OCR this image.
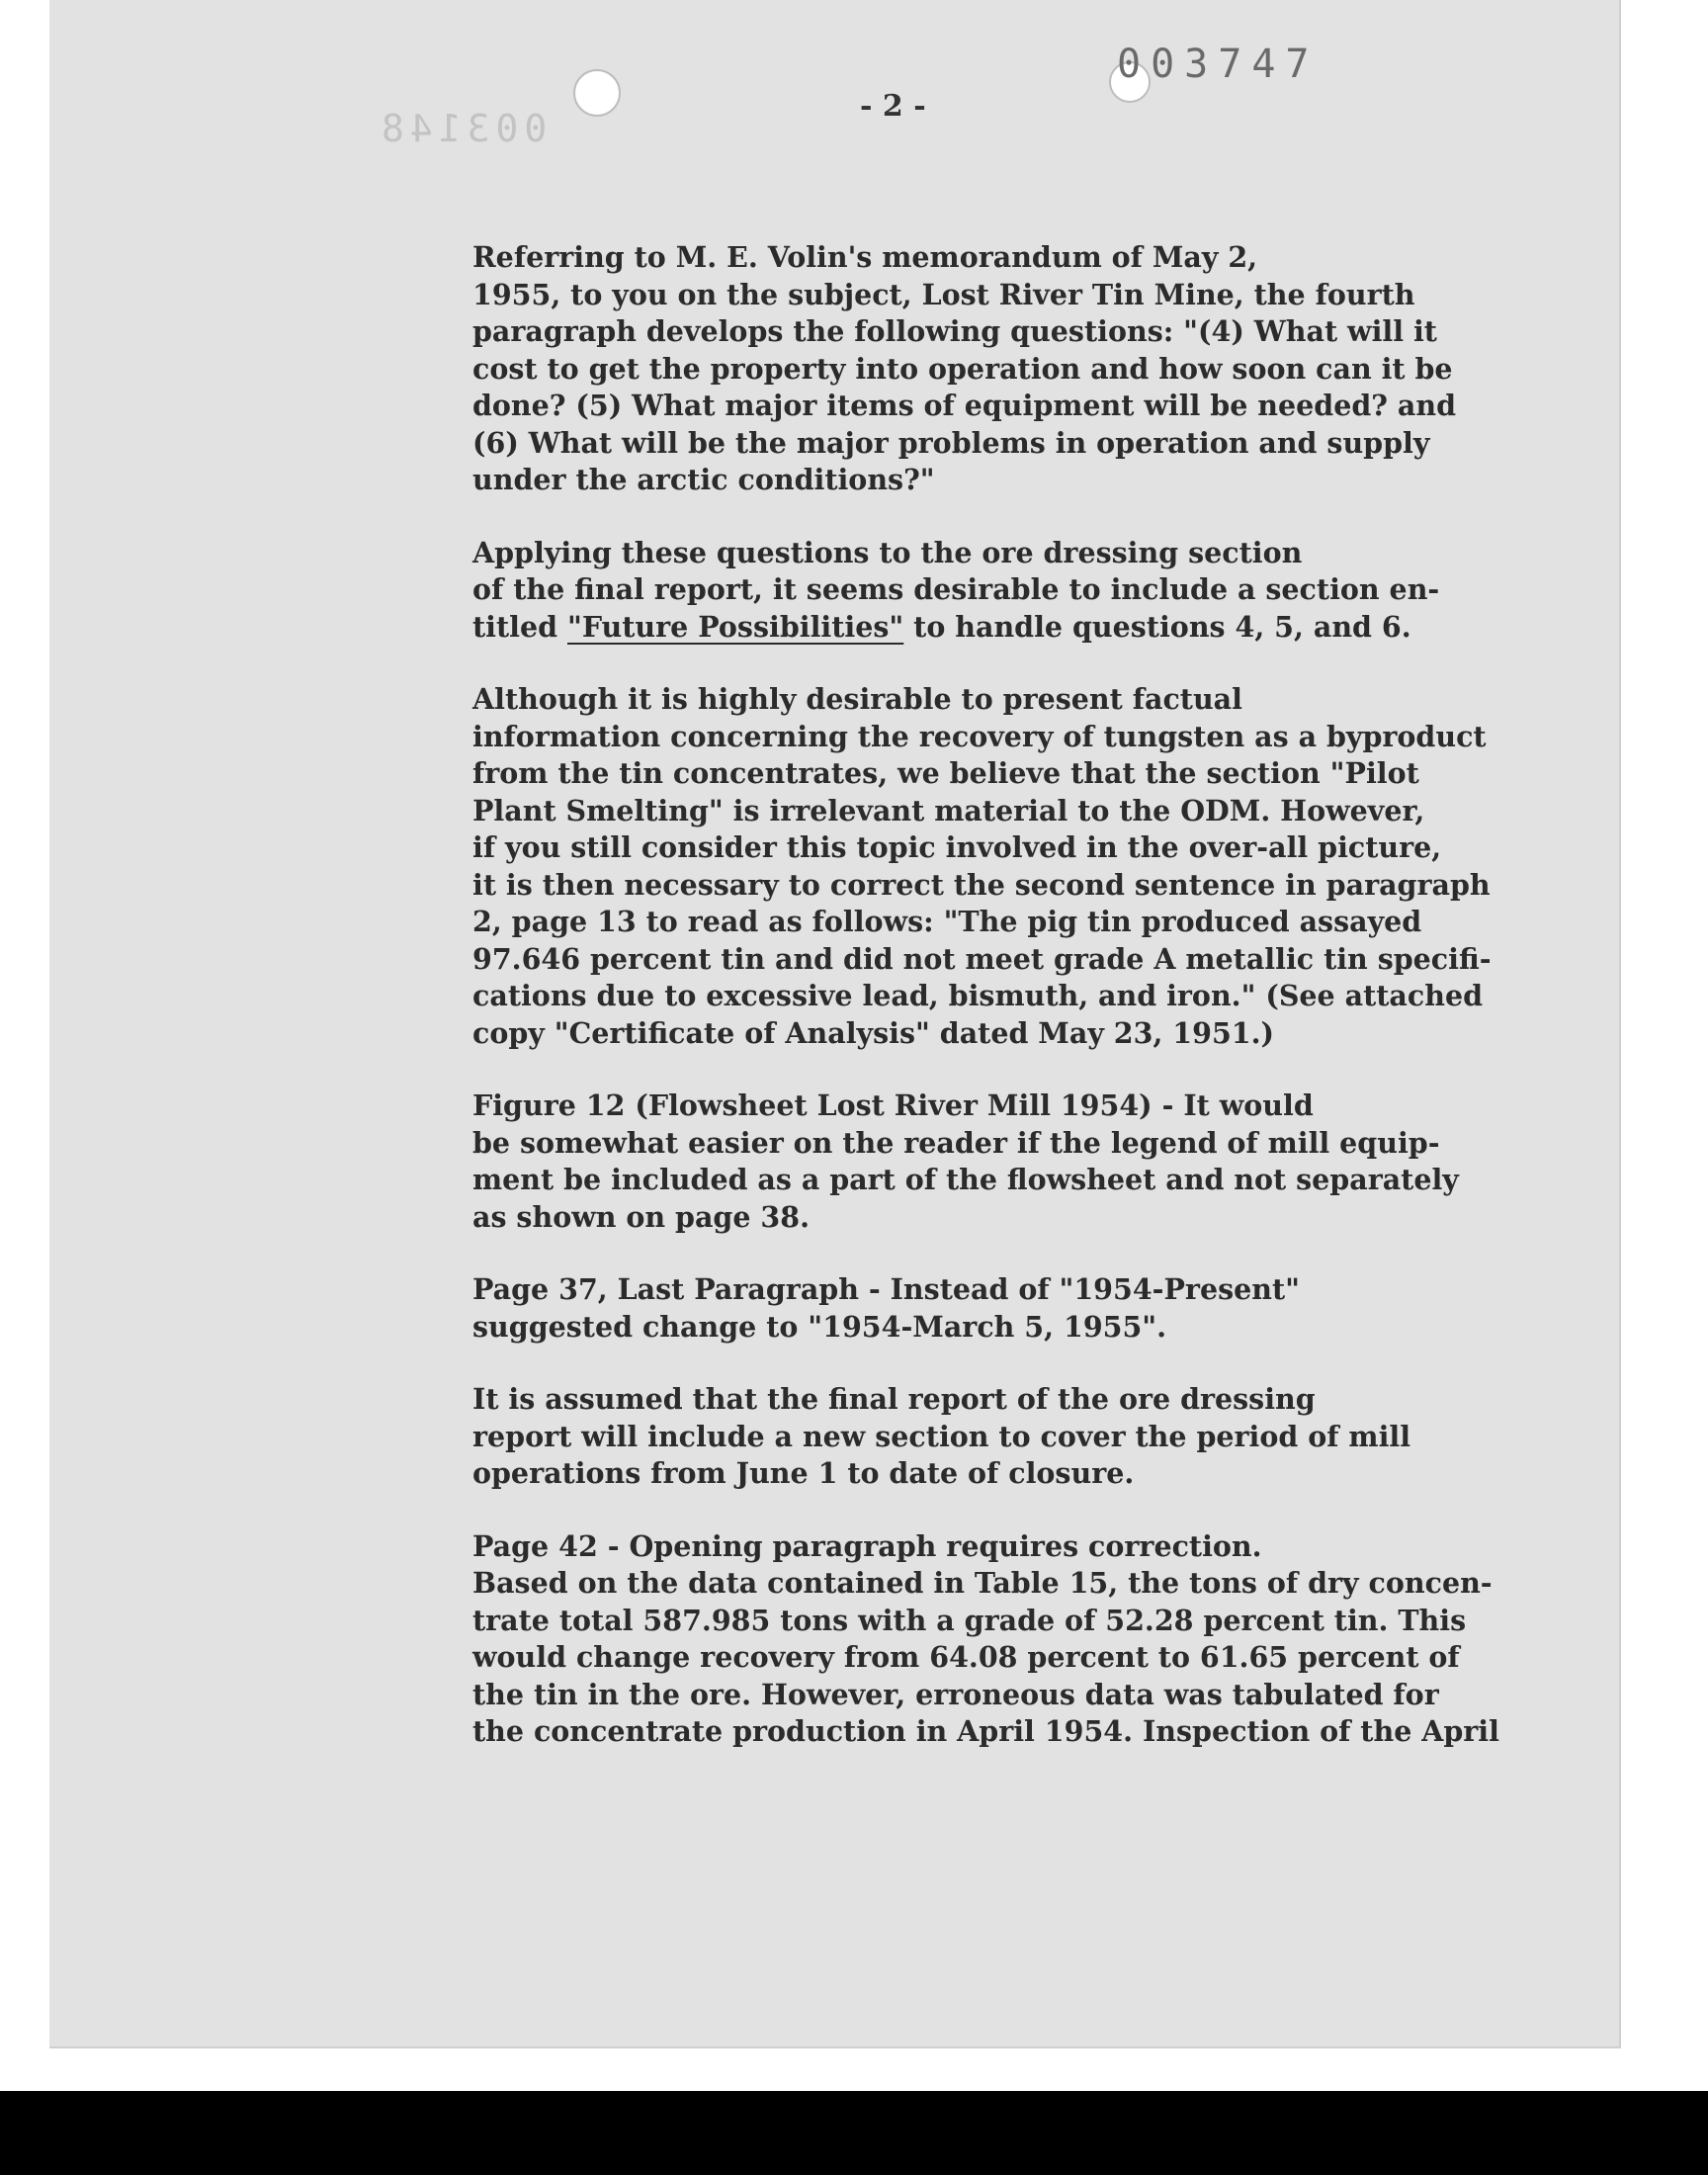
003148
003747
- 2 -

Referring to M. E. Volin's memorandum of May 2,
1955, to you on the subject, Lost River Tin Mine, the fourth
paragraph develops the following questions: "(4) What will it
cost to get the property into operation and how soon can it be
done? (5) What major items of equipment will be needed? and
(6) What will be the major problems in operation and supply
under the arctic conditions?"

Applying these questions to the ore dressing section
of the final report, it seems desirable to include a section en-
titled "Future Possibilities" to handle questions 4, 5, and 6.

Although it is highly desirable to present factual
information concerning the recovery of tungsten as a byproduct
from the tin concentrates, we believe that the section "Pilot
Plant Smelting" is irrelevant material to the ODM. However,
if you still consider this topic involved in the over-all picture,
it is then necessary to correct the second sentence in paragraph
2, page 13 to read as follows: "The pig tin produced assayed
97.646 percent tin and did not meet grade A metallic tin specifi-
cations due to excessive lead, bismuth, and iron." (See attached
copy "Certificate of Analysis" dated May 23, 1951.)

Figure 12 (Flowsheet Lost River Mill 1954) - It would
be somewhat easier on the reader if the legend of mill equip-
ment be included as a part of the flowsheet and not separately
as shown on page 38.

Page 37, Last Paragraph - Instead of "1954-Present"
suggested change to "1954-March 5, 1955".

It is assumed that the final report of the ore dressing
report will include a new section to cover the period of mill
operations from June 1 to date of closure.

Page 42 - Opening paragraph requires correction.
Based on the data contained in Table 15, the tons of dry concen-
trate total 587.985 tons with a grade of 52.28 percent tin. This
would change recovery from 64.08 percent to 61.65 percent of
the tin in the ore. However, erroneous data was tabulated for
the concentrate production in April 1954. Inspection of the April
